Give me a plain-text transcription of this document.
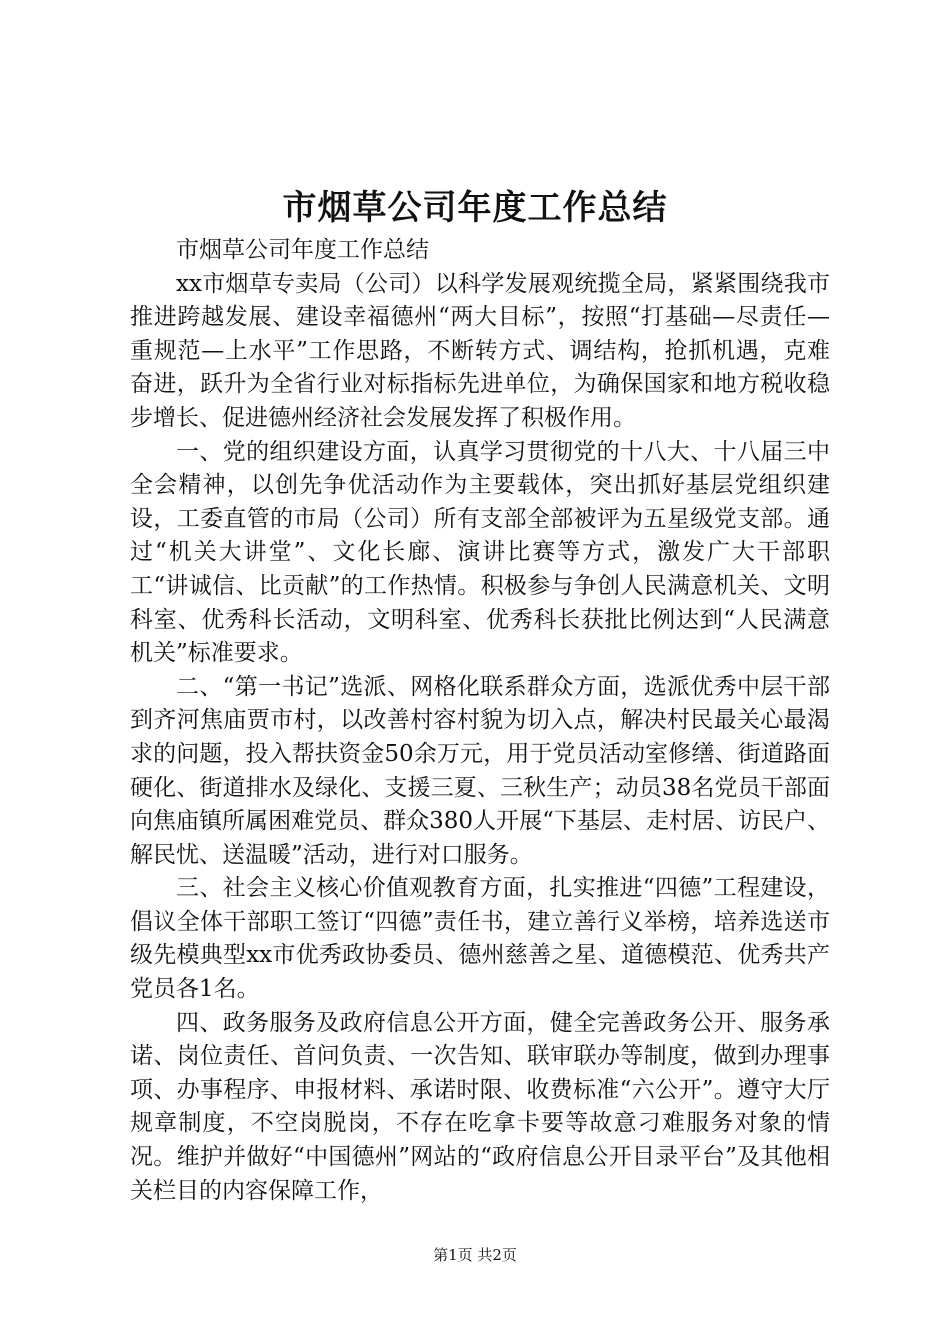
市烟草公司年度工作总结

市烟草公司年度工作总结

xx市烟草专卖局（公司）以科学发展观统揽全局，紧紧围绕我市推进跨越发展、建设幸福德州“两大目标”，按照“打基础—尽责任—重规范—上水平”工作思路，不断转方式、调结构，抢抓机遇，克难奋进，跃升为全省行业对标指标先进单位，为确保国家和地方税收稳步增长、促进德州经济社会发展发挥了积极作用。

一、党的组织建设方面，认真学习贯彻党的十八大、十八届三中全会精神，以创先争优活动作为主要载体，突出抓好基层党组织建设，工委直管的市局（公司）所有支部全部被评为五星级党支部。通过“机关大讲堂”、文化长廊、演讲比赛等方式，激发广大干部职工“讲诚信、比贡献”的工作热情。积极参与争创人民满意机关、文明科室、优秀科长活动，文明科室、优秀科长获批比例达到“人民满意机关”标准要求。

二、“第一书记”选派、网格化联系群众方面，选派优秀中层干部到齐河焦庙贾市村，以改善村容村貌为切入点，解决村民最关心最渴求的问题，投入帮扶资金50余万元，用于党员活动室修缮、街道路面硬化、街道排水及绿化、支援三夏、三秋生产；动员38名党员干部面向焦庙镇所属困难党员、群众380人开展“下基层、走村居、访民户、解民忧、送温暖”活动，进行对口服务。

三、社会主义核心价值观教育方面，扎实推进“四德”工程建设，倡议全体干部职工签订“四德”责任书，建立善行义举榜，培养选送市级先模典型xx市优秀政协委员、德州慈善之星、道德模范、优秀共产党员各1名。

四、政务服务及政府信息公开方面，健全完善政务公开、服务承诺、岗位责任、首问负责、一次告知、联审联办等制度，做到办理事项、办事程序、申报材料、承诺时限、收费标准“六公开”。遵守大厅规章制度，不空岗脱岗，不存在吃拿卡要等故意刁难服务对象的情况。维护并做好“中国德州”网站的“政府信息公开目录平台”及其他相关栏目的内容保障工作，

第1页 共2页
